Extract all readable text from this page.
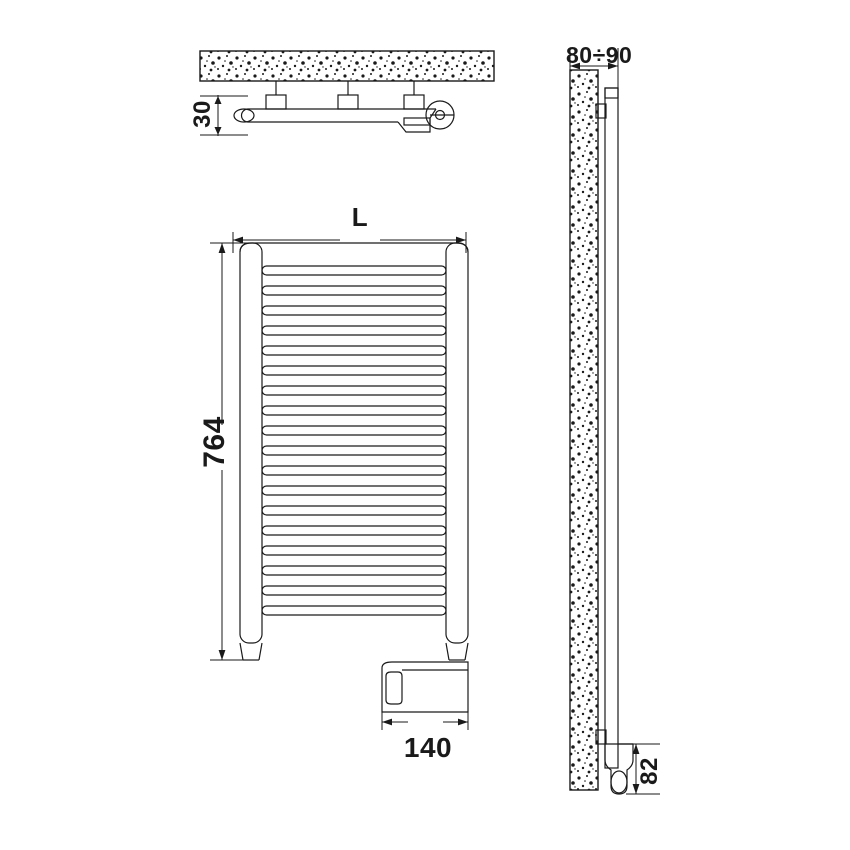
30
L
764
140
80÷90
82
